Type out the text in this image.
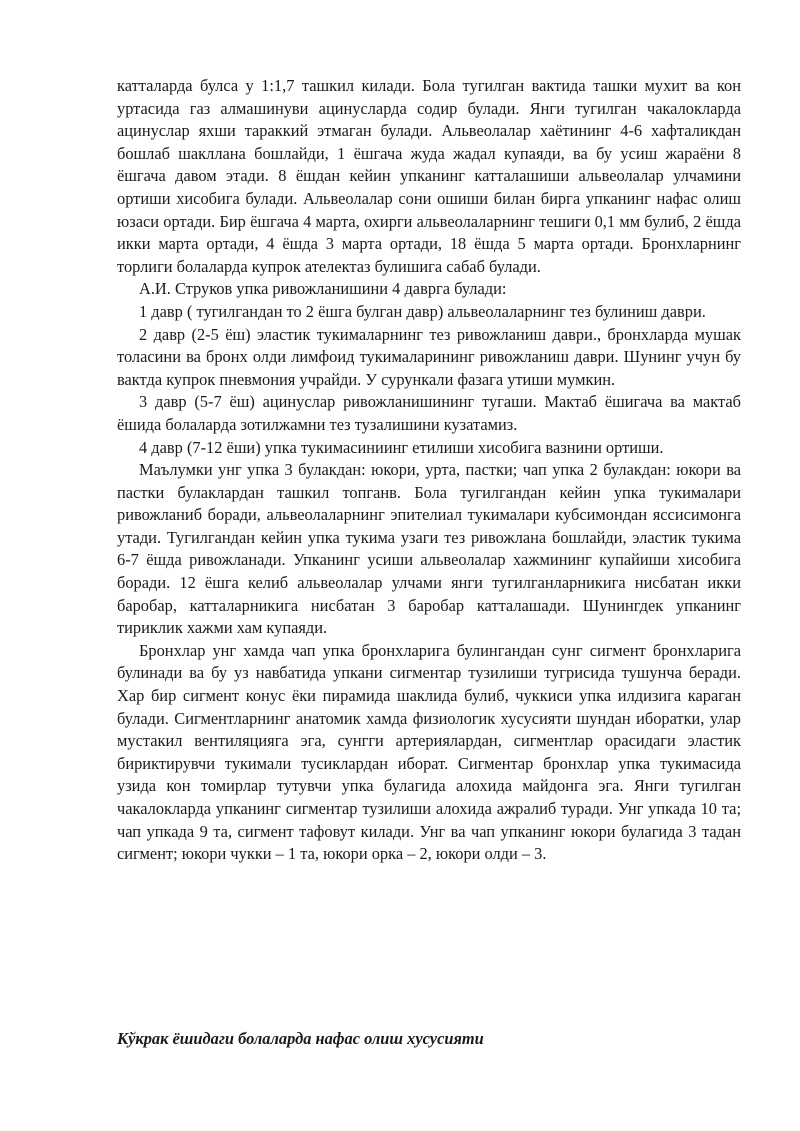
катталарда булса у 1:1,7 ташкил килади. Бола тугилган вактида ташки мухит ва кон уртасида газ алмашинуви ацинусларда содир булади. Янги тугилган чакалокларда ацинуслар яхши тараккий этмаган булади. Альвеолалар хаётининг 4-6 хафталикдан бошлаб шакллана бошлайди, 1 ёшгача жуда жадал купаяди, ва бу усиш жараёни 8 ёшгача давом этади. 8 ёшдан кейин упканинг катталашиши альвеолалар улчамини ортиши хисобига булади. Альвеолалар сони ошиши билан бирга упканинг нафас олиш юзаси ортади. Бир ёшгача 4 марта, охирги альвеолаларнинг тешиги 0,1 мм булиб, 2 ёшда икки марта ортади, 4 ёшда 3 марта ортади, 18 ёшда 5 марта ортади. Бронхларнинг торлиги болаларда купрок ателектаз булишига сабаб булади.

А.И. Струков упка ривожланишини 4 даврга булади:

1 давр ( тугилгандан то 2 ёшга булган давр) альвеолаларнинг тез булиниш даври.

2 давр (2-5 ёш) эластик тукималарнинг тез ривожланиш даври., бронхларда мушак толасини ва бронх олди лимфоид тукималарининг ривожланиш даври. Шунинг учун бу вактда купрок пневмония учрайди. У сурункали фазага утиши мумкин.

3 давр (5-7 ёш) ацинуслар ривожланишининг тугаши. Мактаб ёшигача ва мактаб ёшида болаларда зотилжамни тез тузалишини кузатамиз.

4 давр (7-12 ёши) упка тукимасиниинг етилиши хисобига вазнини ортиши.

Маълумки унг упка 3 булакдан: юкори, урта, пастки; чап упка 2 булакдан: юкори ва пастки булаклардан ташкил топганв. Бола тугилгандан кейин упка тукималари ривожланиб боради, альвеолаларнинг эпителиал тукималари кубсимондан яссисимонга утади. Тугилгандан кейин упка тукима узаги тез ривожлана бошлайди, эластик тукима 6-7 ёшда ривожланади. Упканинг усиши альвеолалар хажмининг купайиши хисобига боради. 12 ёшга келиб альвеолалар улчами янги тугилганларникига нисбатан икки баробар, катталарникига нисбатан 3 баробар катталашади. Шунингдек упканинг тириклик хажми хам купаяди.

Бронхлар унг хамда чап упка бронхларига булингандан сунг сигмент бронхларига булинади ва бу уз навбатида упкани сигментар тузилиши тугрисида тушунча беради. Хар бир сигмент конус ёки пирамида шаклида булиб, чуккиси упка илдизига караган булади. Сигментларнинг анатомик хамда физиологик хусусияти шундан иборатки, улар мустакил вентиляцияга эга, сунгги артериялардан, сигментлар орасидаги эластик бириктирувчи тукимали тусиклардан иборат. Сигментар бронхлар упка тукимасида узида кон томирлар тутувчи упка булагида алохида майдонга эга. Янги тугилган чакалокларда упканинг сигментар тузилиши алохида ажралиб туради. Унг упкада 10 та; чап упкада 9 та, сигмент тафовут килади. Унг ва чап упканинг юкори булагида 3 тадан сигмент; юкори чукки – 1 та, юкори орка – 2, юкори олди – 3.

Кўкрак ёшидаги болаларда нафас олиш хусусияти
